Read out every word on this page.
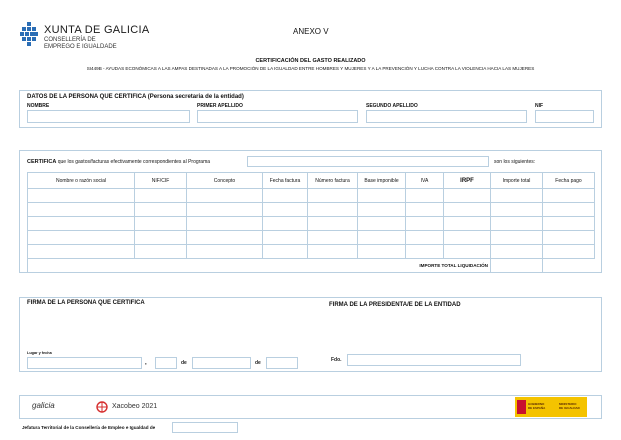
XUNTA DE GALICIA
CONSELLERÍA DE
EMPREGO E IGUALDADE
ANEXO V
CERTIFICACIÓN DEL GASTO REALIZADO
SI449B - AYUDAS ECONÓMICAS A LAS AMPAS DESTINADAS A LA PROMOCIÓN DE LA IGUALDAD ENTRE HOMBRES Y MUJERES Y A LA PREVENCIÓN Y LUCHA CONTRA LA VIOLENCIA HACIA LAS MUJERES
DATOS DE LA PERSONA QUE CERTIFICA (Persona secretaria de la entidad)
NOMBRE	PRIMER APELLIDO	SEGUNDO APELLIDO	NIF
CERTIFICA que los gastos/facturas efectivamente correspondientes al Programa	son los siguientes:
Nombre o razón social	NIF/CIF	Concepto	Fecha factura	Número factura	Base imponible	IVA	IRPF	Importe total	Fecha pago

IMPORTE TOTAL LIQUIDACIÓN									
FIRMA DE LA PERSONA QUE CERTIFICA	FIRMA DE LA PRESIDENTA/E DE LA ENTIDAD
Lugar y fecha
,	de	de	Fdo.
galicia	Xacobeo 2021	GOBIERNO
DE ESPAÑA
MINISTERIO
DE IGUALDAD
Jefatura Territorial de la Consellería de Empleo e Igualdad de
